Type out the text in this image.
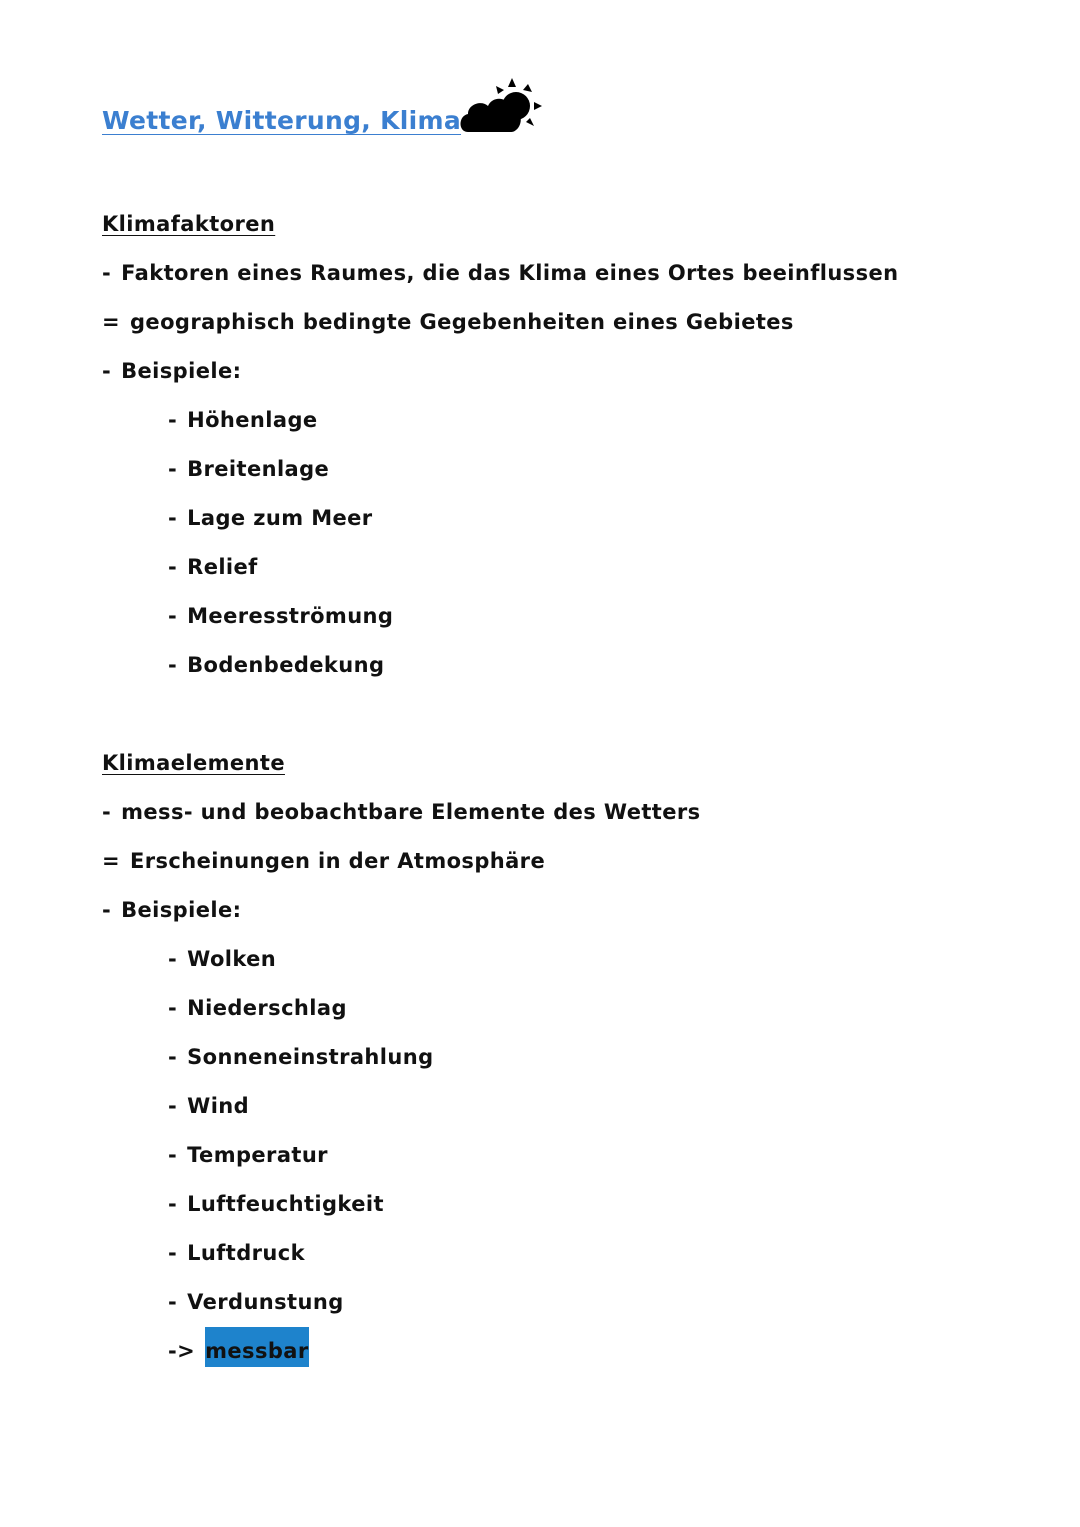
Wetter, Witterung, Klima
Klimafaktoren
- Faktoren eines Raumes, die das Klima eines Ortes beeinflussen
= geographisch bedingte Gegebenheiten eines Gebietes
- Beispiele:
- Höhenlage
- Breitenlage
- Lage zum Meer
- Relief
- Meeresströmung
- Bodenbedekung
Klimaelemente
- mess- und beobachtbare Elemente des Wetters
= Erscheinungen in der Atmosphäre
- Beispiele:
- Wolken
- Niederschlag
- Sonneneinstrahlung
- Wind
- Temperatur
- Luftfeuchtigkeit
- Luftdruck
- Verdunstung
-> messbar
